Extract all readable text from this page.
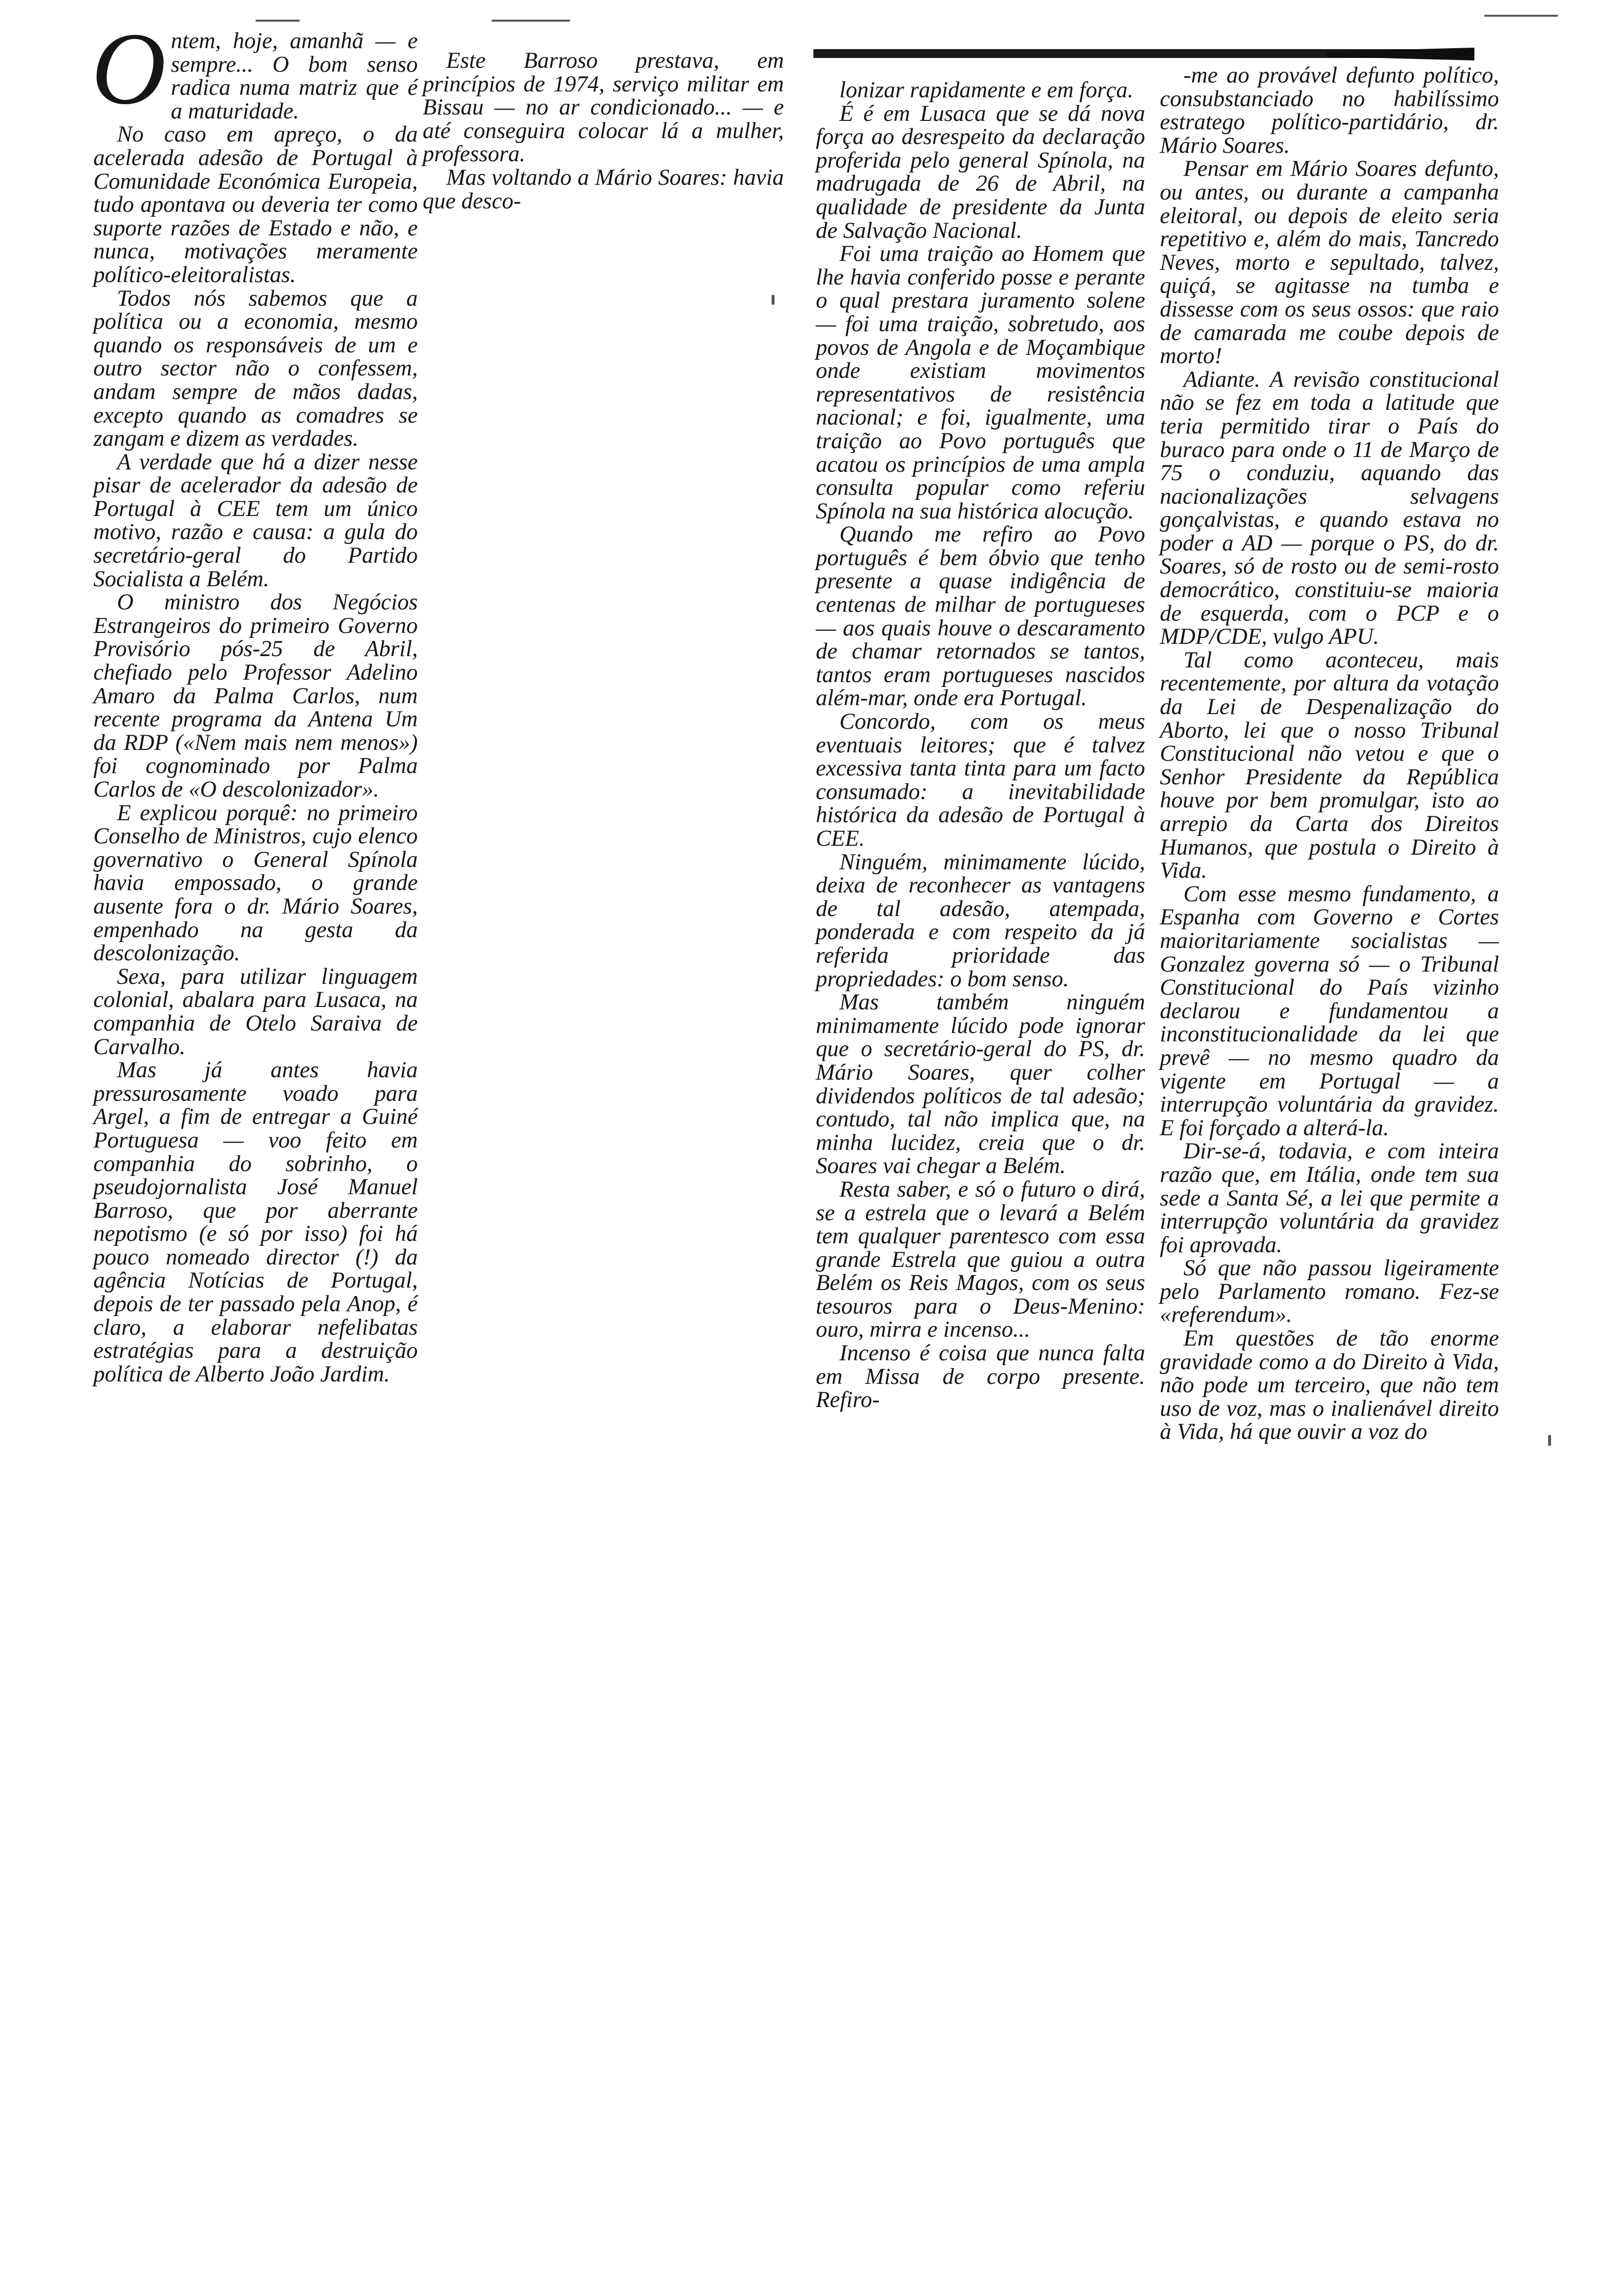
Ontem, hoje, amanhã — e sempre... O bom senso radica numa matriz que é a maturidade.

No caso em apreço, o da acelerada adesão de Portugal à Comunidade Económica Europeia, tudo apontava ou deveria ter como suporte razões de Estado e não, e nunca, motivações meramente político-eleitoralistas.

Todos nós sabemos que a política ou a economia, mesmo quando os responsáveis de um e outro sector não o confessem, andam sempre de mãos dadas, excepto quando as comadres se zangam e dizem as verdades.

A verdade que há a dizer nesse pisar de acelerador da adesão de Portugal à CEE tem um único motivo, razão e causa: a gula do secretário-geral do Partido Socialista a Belém.

O ministro dos Negócios Estrangeiros do primeiro Governo Provisório pós-25 de Abril, chefiado pelo Professor Adelino Amaro da Palma Carlos, num recente programa da Antena Um da RDP («Nem mais nem menos») foi cognominado por Palma Carlos de «O descolonizador».

E explicou porquê: no primeiro Conselho de Ministros, cujo elenco governativo o General Spínola havia empossado, o grande ausente fora o dr. Mário Soares, empenhado na gesta da descolonização.

Sexa, para utilizar linguagem colonial, abalara para Lusaca, na companhia de Otelo Saraiva de Carvalho.

Mas já antes havia pressurosamente voado para Argel, a fim de entregar a Guiné Portuguesa — voo feito em companhia do sobrinho, o pseudojornalista José Manuel Barroso, que por aberrante nepotismo (e só por isso) foi há pouco nomeado director (!) da agência Notícias de Portugal, depois de ter passado pela Anop, é claro, a elaborar nefelibatas estratégias para a destruição política de Alberto João Jardim.

Este Barroso prestava, em princípios de 1974, serviço militar em Bissau — no ar condicionado... — e até conseguira colocar lá a mulher, professora.

Mas voltando a Mário Soares: havia que desco-

lonizar rapidamente e em força.

É é em Lusaca que se dá nova força ao desrespeito da declaração proferida pelo general Spínola, na madrugada de 26 de Abril, na qualidade de presidente da Junta de Salvação Nacional.

Foi uma traição ao Homem que lhe havia conferido posse e perante o qual prestara juramento solene — foi uma traição, sobretudo, aos povos de Angola e de Moçambique onde existiam movimentos representativos de resistência nacional; e foi, igualmente, uma traição ao Povo português que acatou os princípios de uma ampla consulta popular como referiu Spínola na sua histórica alocução.

Quando me refiro ao Povo português é bem óbvio que tenho presente a quase indigência de centenas de milhar de portugueses — aos quais houve o descaramento de chamar retornados se tantos, tantos eram portugueses nascidos além-mar, onde era Portugal.

Concordo, com os meus eventuais leitores; que é talvez excessiva tanta tinta para um facto consumado: a inevitabilidade histórica da adesão de Portugal à CEE.

Ninguém, minimamente lúcido, deixa de reconhecer as vantagens de tal adesão, atempada, ponderada e com respeito da já referida prioridade das propriedades: o bom senso.

Mas também ninguém minimamente lúcido pode ignorar que o secretário-geral do PS, dr. Mário Soares, quer colher dividendos políticos de tal adesão; contudo, tal não implica que, na minha lucidez, creia que o dr. Soares vai chegar a Belém.

Resta saber, e só o futuro o dirá, se a estrela que o levará a Belém tem qualquer parentesco com essa grande Estrela que guiou a outra Belém os Reis Magos, com os seus tesouros para o Deus-Menino: ouro, mirra e incenso...

Incenso é coisa que nunca falta em Missa de corpo presente. Refiro-

-me ao provável defunto político, consubstanciado no habilíssimo estratego político-partidário, dr. Mário Soares.

Pensar em Mário Soares defunto, ou antes, ou durante a campanha eleitoral, ou depois de eleito seria repetitivo e, além do mais, Tancredo Neves, morto e sepultado, talvez, quiçá, se agitasse na tumba e dissesse com os seus ossos: que raio de camarada me coube depois de morto!

Adiante. A revisão constitucional não se fez em toda a latitude que teria permitido tirar o País do buraco para onde o 11 de Março de 75 o conduziu, aquando das nacionalizações selvagens gonçalvistas, e quando estava no poder a AD — porque o PS, do dr. Soares, só de rosto ou de semi-rosto democrático, constituiu-se maioria de esquerda, com o PCP e o MDP/CDE, vulgo APU.

Tal como aconteceu, mais recentemente, por altura da votação da Lei de Despenalização do Aborto, lei que o nosso Tribunal Constitucional não vetou e que o Senhor Presidente da República houve por bem promulgar, isto ao arrepio da Carta dos Direitos Humanos, que postula o Direito à Vida.

Com esse mesmo fundamento, a Espanha com Governo e Cortes maioritariamente socialistas — Gonzalez governa só — o Tribunal Constitucional do País vizinho declarou e fundamentou a inconstitucionalidade da lei que prevê — no mesmo quadro da vigente em Portugal — a interrupção voluntária da gravidez. E foi forçado a alterá-la.

Dir-se-á, todavia, e com inteira razão que, em Itália, onde tem sua sede a Santa Sé, a lei que permite a interrupção voluntária da gravidez foi aprovada.

Só que não passou ligeiramente pelo Parlamento romano. Fez-se «referendum».

Em questões de tão enorme gravidade como a do Direito à Vida, não pode um terceiro, que não tem uso de voz, mas o inalienável direito à Vida, há que ouvir a voz do
